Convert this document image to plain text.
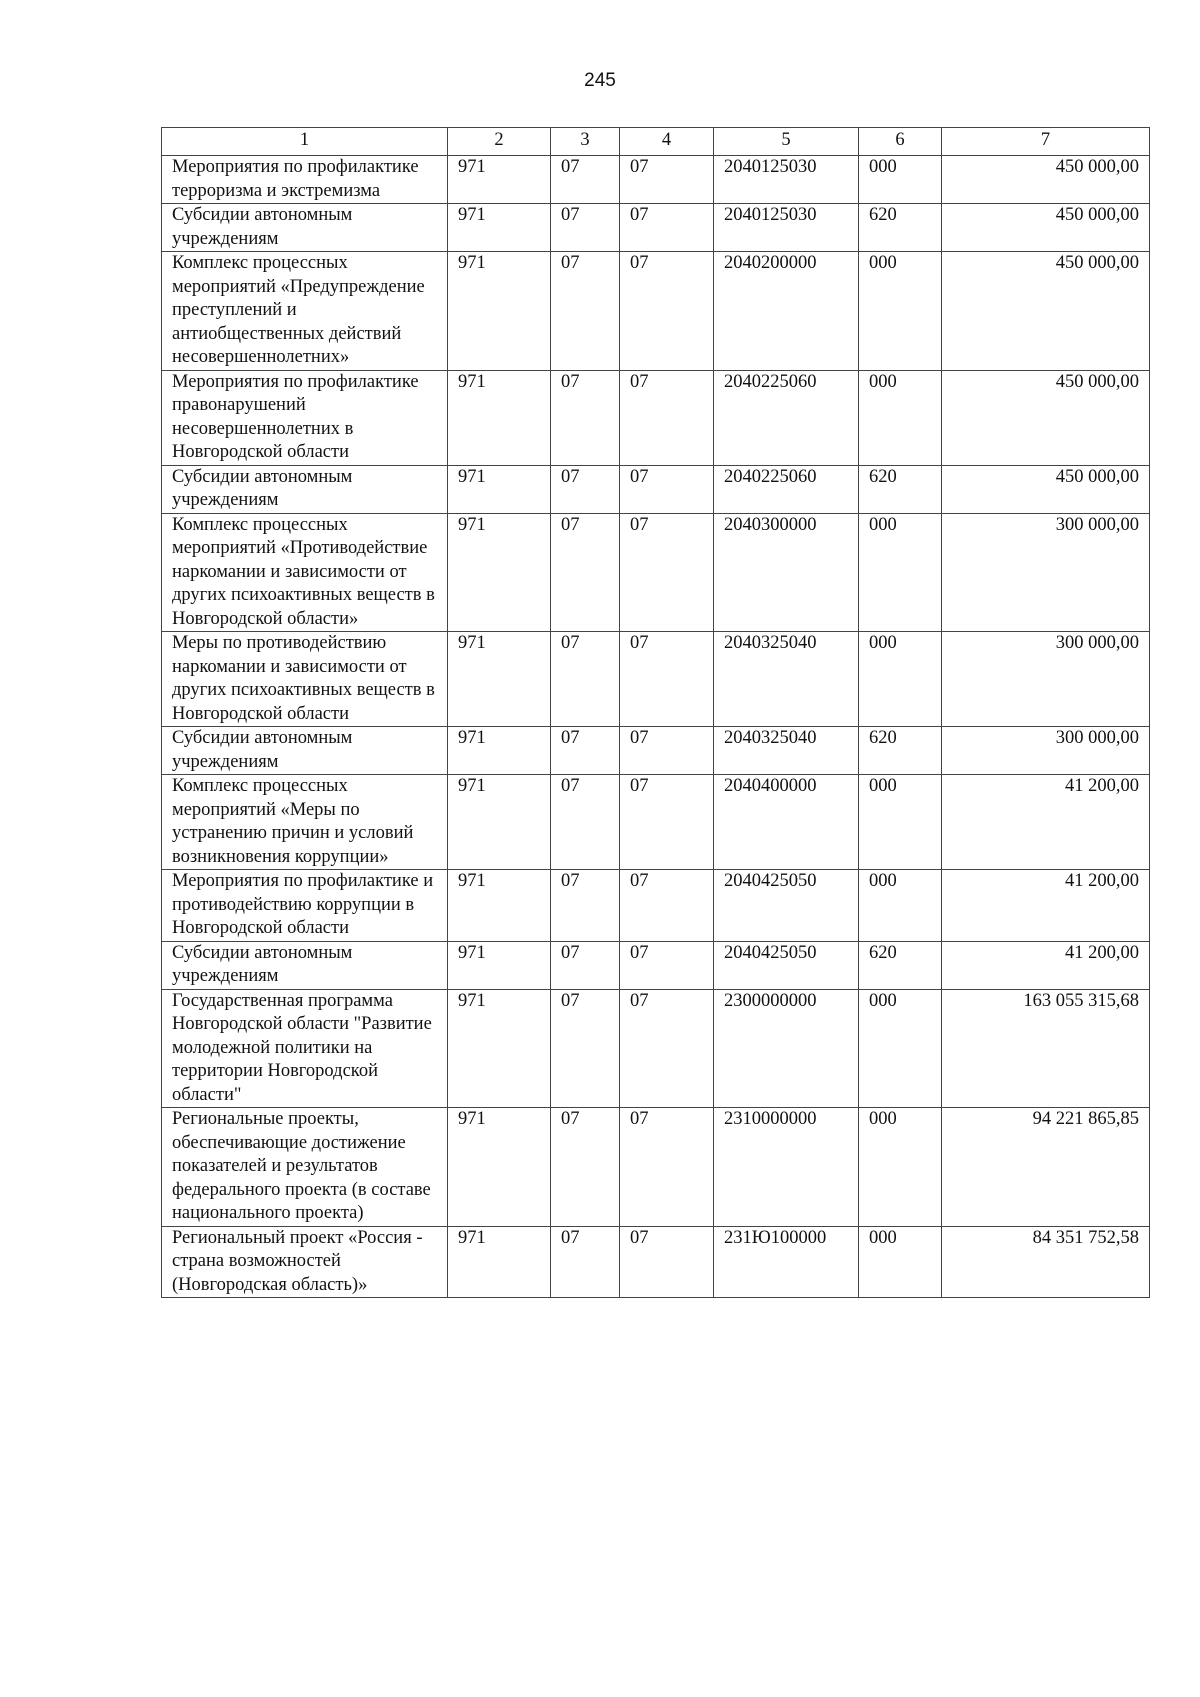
245
1	2	3	4	5	6	7
Мероприятия по профилактике терроризма и экстремизма	971	07	07	2040125030	000	450 000,00
Субсидии автономным учреждениям	971	07	07	2040125030	620	450 000,00
Комплекс процессных мероприятий «Предупреждение преступлений и антиобщественных действий несовершеннолетних»	971	07	07	2040200000	000	450 000,00
Мероприятия по профилактике правонарушений несовершеннолетних в Новгородской области	971	07	07	2040225060	000	450 000,00
Субсидии автономным учреждениям	971	07	07	2040225060	620	450 000,00
Комплекс процессных мероприятий «Противодействие наркомании и зависимости от других психоактивных веществ в Новгородской области»	971	07	07	2040300000	000	300 000,00
Меры по противодействию наркомании и зависимости от других психоактивных веществ в Новгородской области	971	07	07	2040325040	000	300 000,00
Субсидии автономным учреждениям	971	07	07	2040325040	620	300 000,00
Комплекс процессных мероприятий «Меры по устранению причин и условий возникновения коррупции»	971	07	07	2040400000	000	41 200,00
Мероприятия по профилактике и противодействию коррупции в Новгородской области	971	07	07	2040425050	000	41 200,00
Субсидии автономным учреждениям	971	07	07	2040425050	620	41 200,00
Государственная программа Новгородской области "Развитие молодежной политики на территории Новгородской области"	971	07	07	2300000000	000	163 055 315,68
Региональные проекты, обеспечивающие достижение показателей и результатов федерального проекта (в составе национального проекта)	971	07	07	2310000000	000	94 221 865,85
Региональный проект «Россия - страна возможностей (Новгородская область)»	971	07	07	231Ю100000	000	84 351 752,58
